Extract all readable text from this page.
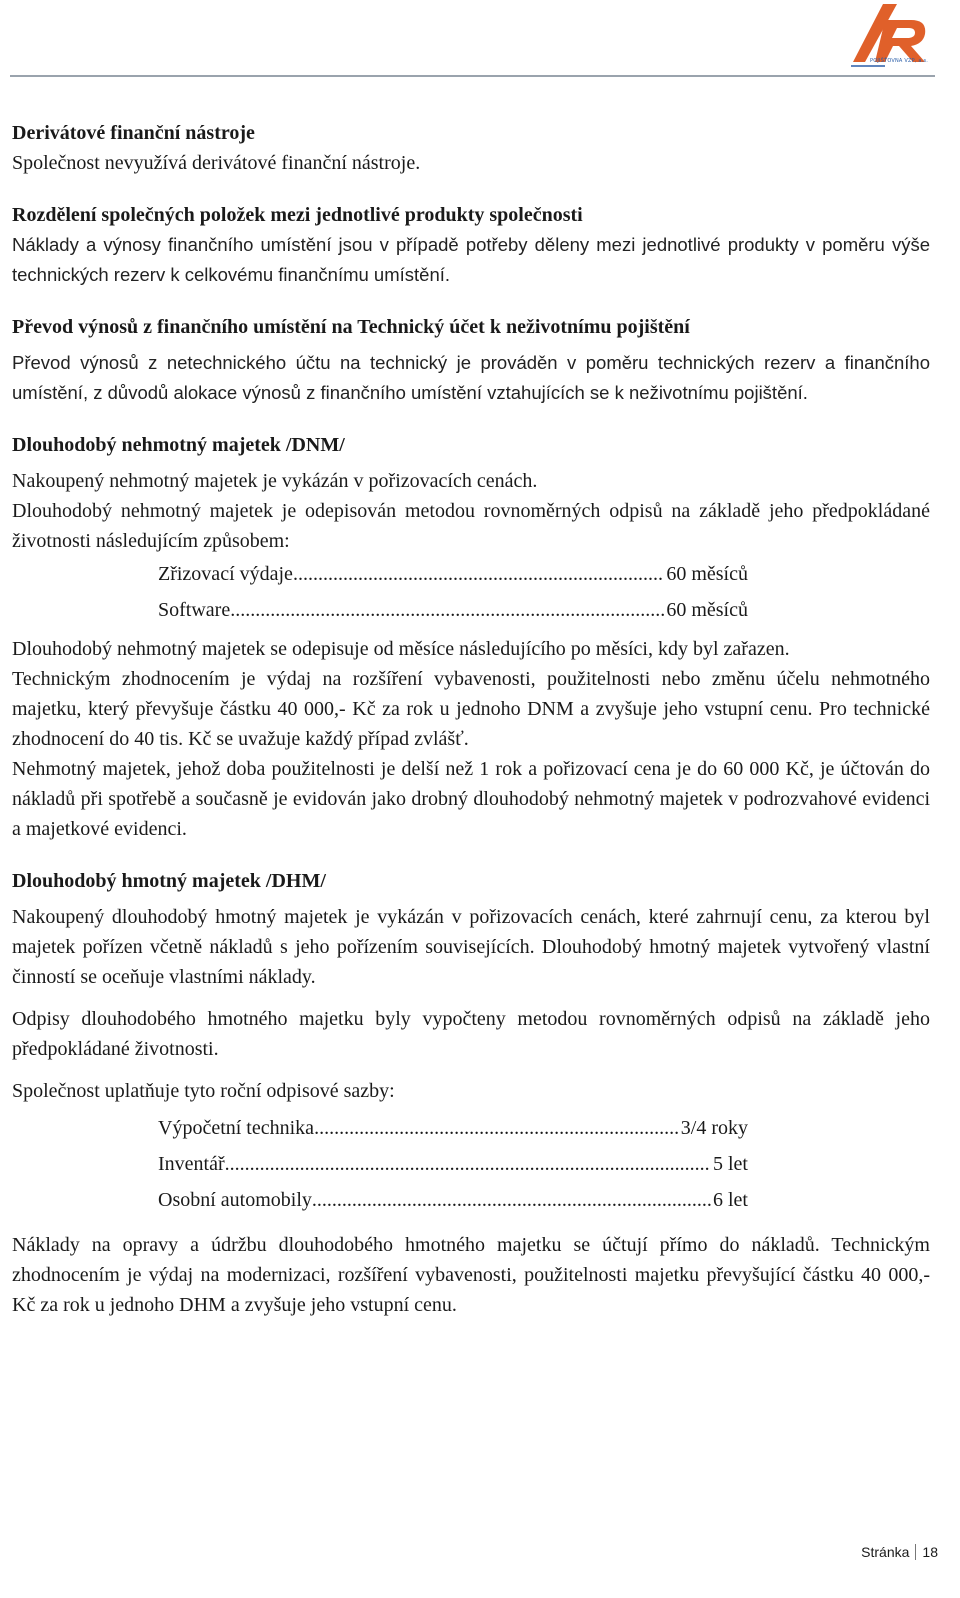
POJIŠŤOVNA VZP, a.s.

Derivátové finanční nástroje

Společnost nevyužívá derivátové finanční nástroje.

Rozdělení společných položek mezi jednotlivé produkty společnosti

Náklady a výnosy finančního umístění jsou v případě potřeby děleny mezi jednotlivé produkty v poměru výše technických rezerv k celkovému finančnímu umístění.

Převod výnosů z finančního umístění na Technický účet k neživotnímu pojištění

Převod výnosů z netechnického účtu na technický je prováděn v poměru technických rezerv a finančního umístění, z důvodů alokace výnosů z finančního umístění vztahujících se k neživotnímu pojištění.

Dlouhodobý nehmotný majetek /DNM/

Nakoupený nehmotný majetek je vykázán v pořizovacích cenách.

Dlouhodobý nehmotný majetek je odepisován metodou rovnoměrných odpisů na základě jeho předpokládané životnosti následujícím způsobem:

Zřizovací výdaje .....	60 měsíců
Software .....	60 měsíců

Dlouhodobý nehmotný majetek se odepisuje od měsíce následujícího po měsíci, kdy byl zařazen.

Technickým zhodnocením je výdaj na rozšíření vybavenosti, použitelnosti nebo změnu účelu nehmotného majetku, který převyšuje částku 40 000,- Kč za rok u jednoho DNM a zvyšuje jeho vstupní cenu. Pro technické zhodnocení do 40 tis. Kč se uvažuje každý případ zvlášť.

Nehmotný majetek, jehož doba použitelnosti je delší než 1 rok a pořizovací cena je do 60 000 Kč, je účtován do nákladů při spotřebě a současně je evidován jako drobný dlouhodobý nehmotný majetek v podrozvahové evidenci a majetkové evidenci.

Dlouhodobý hmotný majetek /DHM/

Nakoupený dlouhodobý hmotný majetek je vykázán v pořizovacích cenách, které zahrnují cenu, za kterou byl majetek pořízen včetně nákladů s jeho pořízením souvisejících. Dlouhodobý hmotný majetek vytvořený vlastní činností se oceňuje vlastními náklady.

Odpisy dlouhodobého hmotného majetku byly vypočteny metodou rovnoměrných odpisů na základě jeho předpokládané životnosti.

Společnost uplatňuje tyto roční odpisové sazby:

Výpočetní technika .....	3/4 roky
Inventář .....	5 let
Osobní automobily .....	6 let

Náklady na opravy a údržbu dlouhodobého hmotného majetku se účtují přímo do nákladů. Technickým zhodnocením je výdaj na modernizaci, rozšíření vybavenosti, použitelnosti majetku převyšující částku 40 000,- Kč za rok u jednoho DHM a zvyšuje jeho vstupní cenu.

Stránka 18
